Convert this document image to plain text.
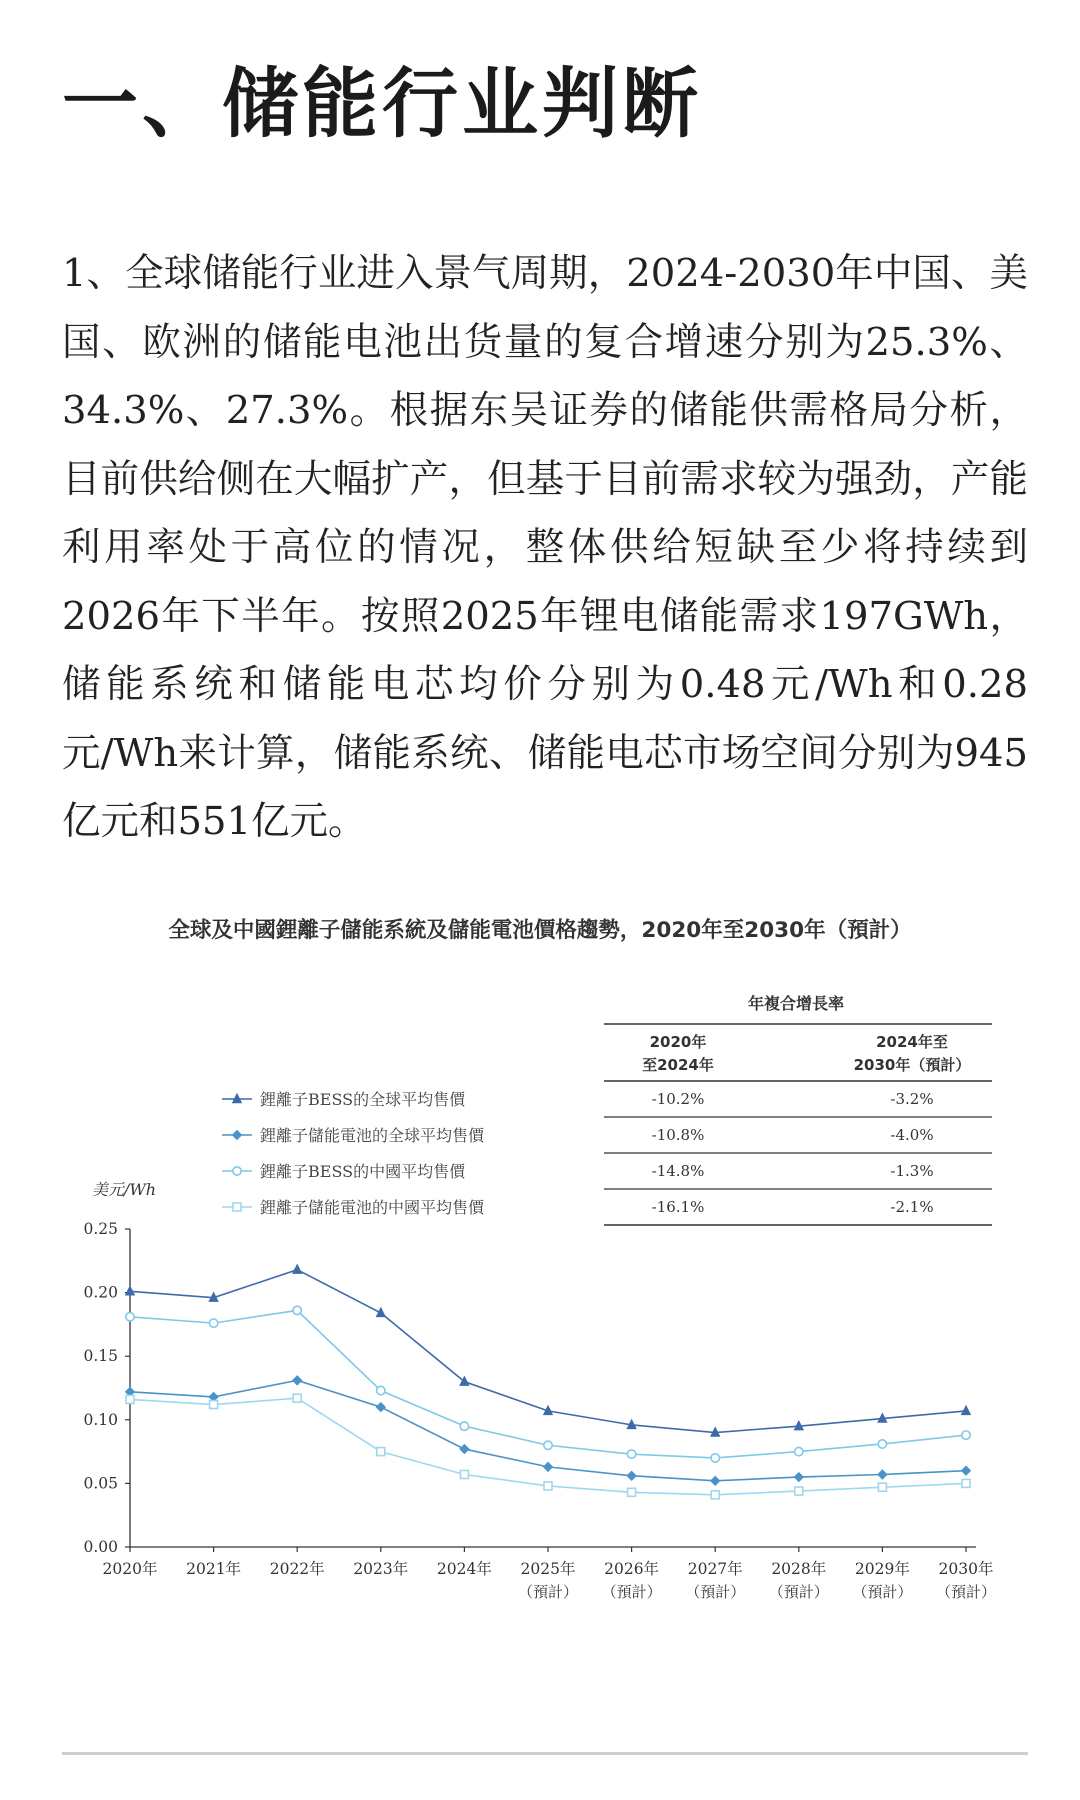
一、储能行业判断

1、全球储能行业进入景气周期，2024-2030年中国、美国、欧洲的储能电池出货量的复合增速分别为25.3%、34.3%、27.3%。根据东吴证券的储能供需格局分析，目前供给侧在大幅扩产，但基于目前需求较为强劲，产能利用率处于高位的情况，整体供给短缺至少将持续到2026年下半年。按照2025年锂电储能需求197GWh，储能系统和储能电芯均价分别为0.48元/Wh和0.28元/Wh来计算，储能系统、储能电芯市场空间分别为945亿元和551亿元。

全球及中國鋰離子儲能系統及儲能電池價格趨勢，2020年至2030年（預計）
年複合增長率
2020年
至2024年
2024年至
2030年（預計）
-10.2%	-3.2%
-10.8%	-4.0%
-14.8%	-1.3%
-16.1%	-2.1%
鋰離子BESS的全球平均售價
鋰離子儲能電池的全球平均售價
鋰離子BESS的中國平均售價
鋰離子儲能電池的中國平均售價
0.00
0.05
0.10
0.15
0.20
0.25
美元/Wh
2020年 2021年 2022年 2023年 2024年 2025年
（預計）
2026年
（預計）
2027年
（預計）
2028年
（預計）
2029年
（預計）
2030年
（預計）
